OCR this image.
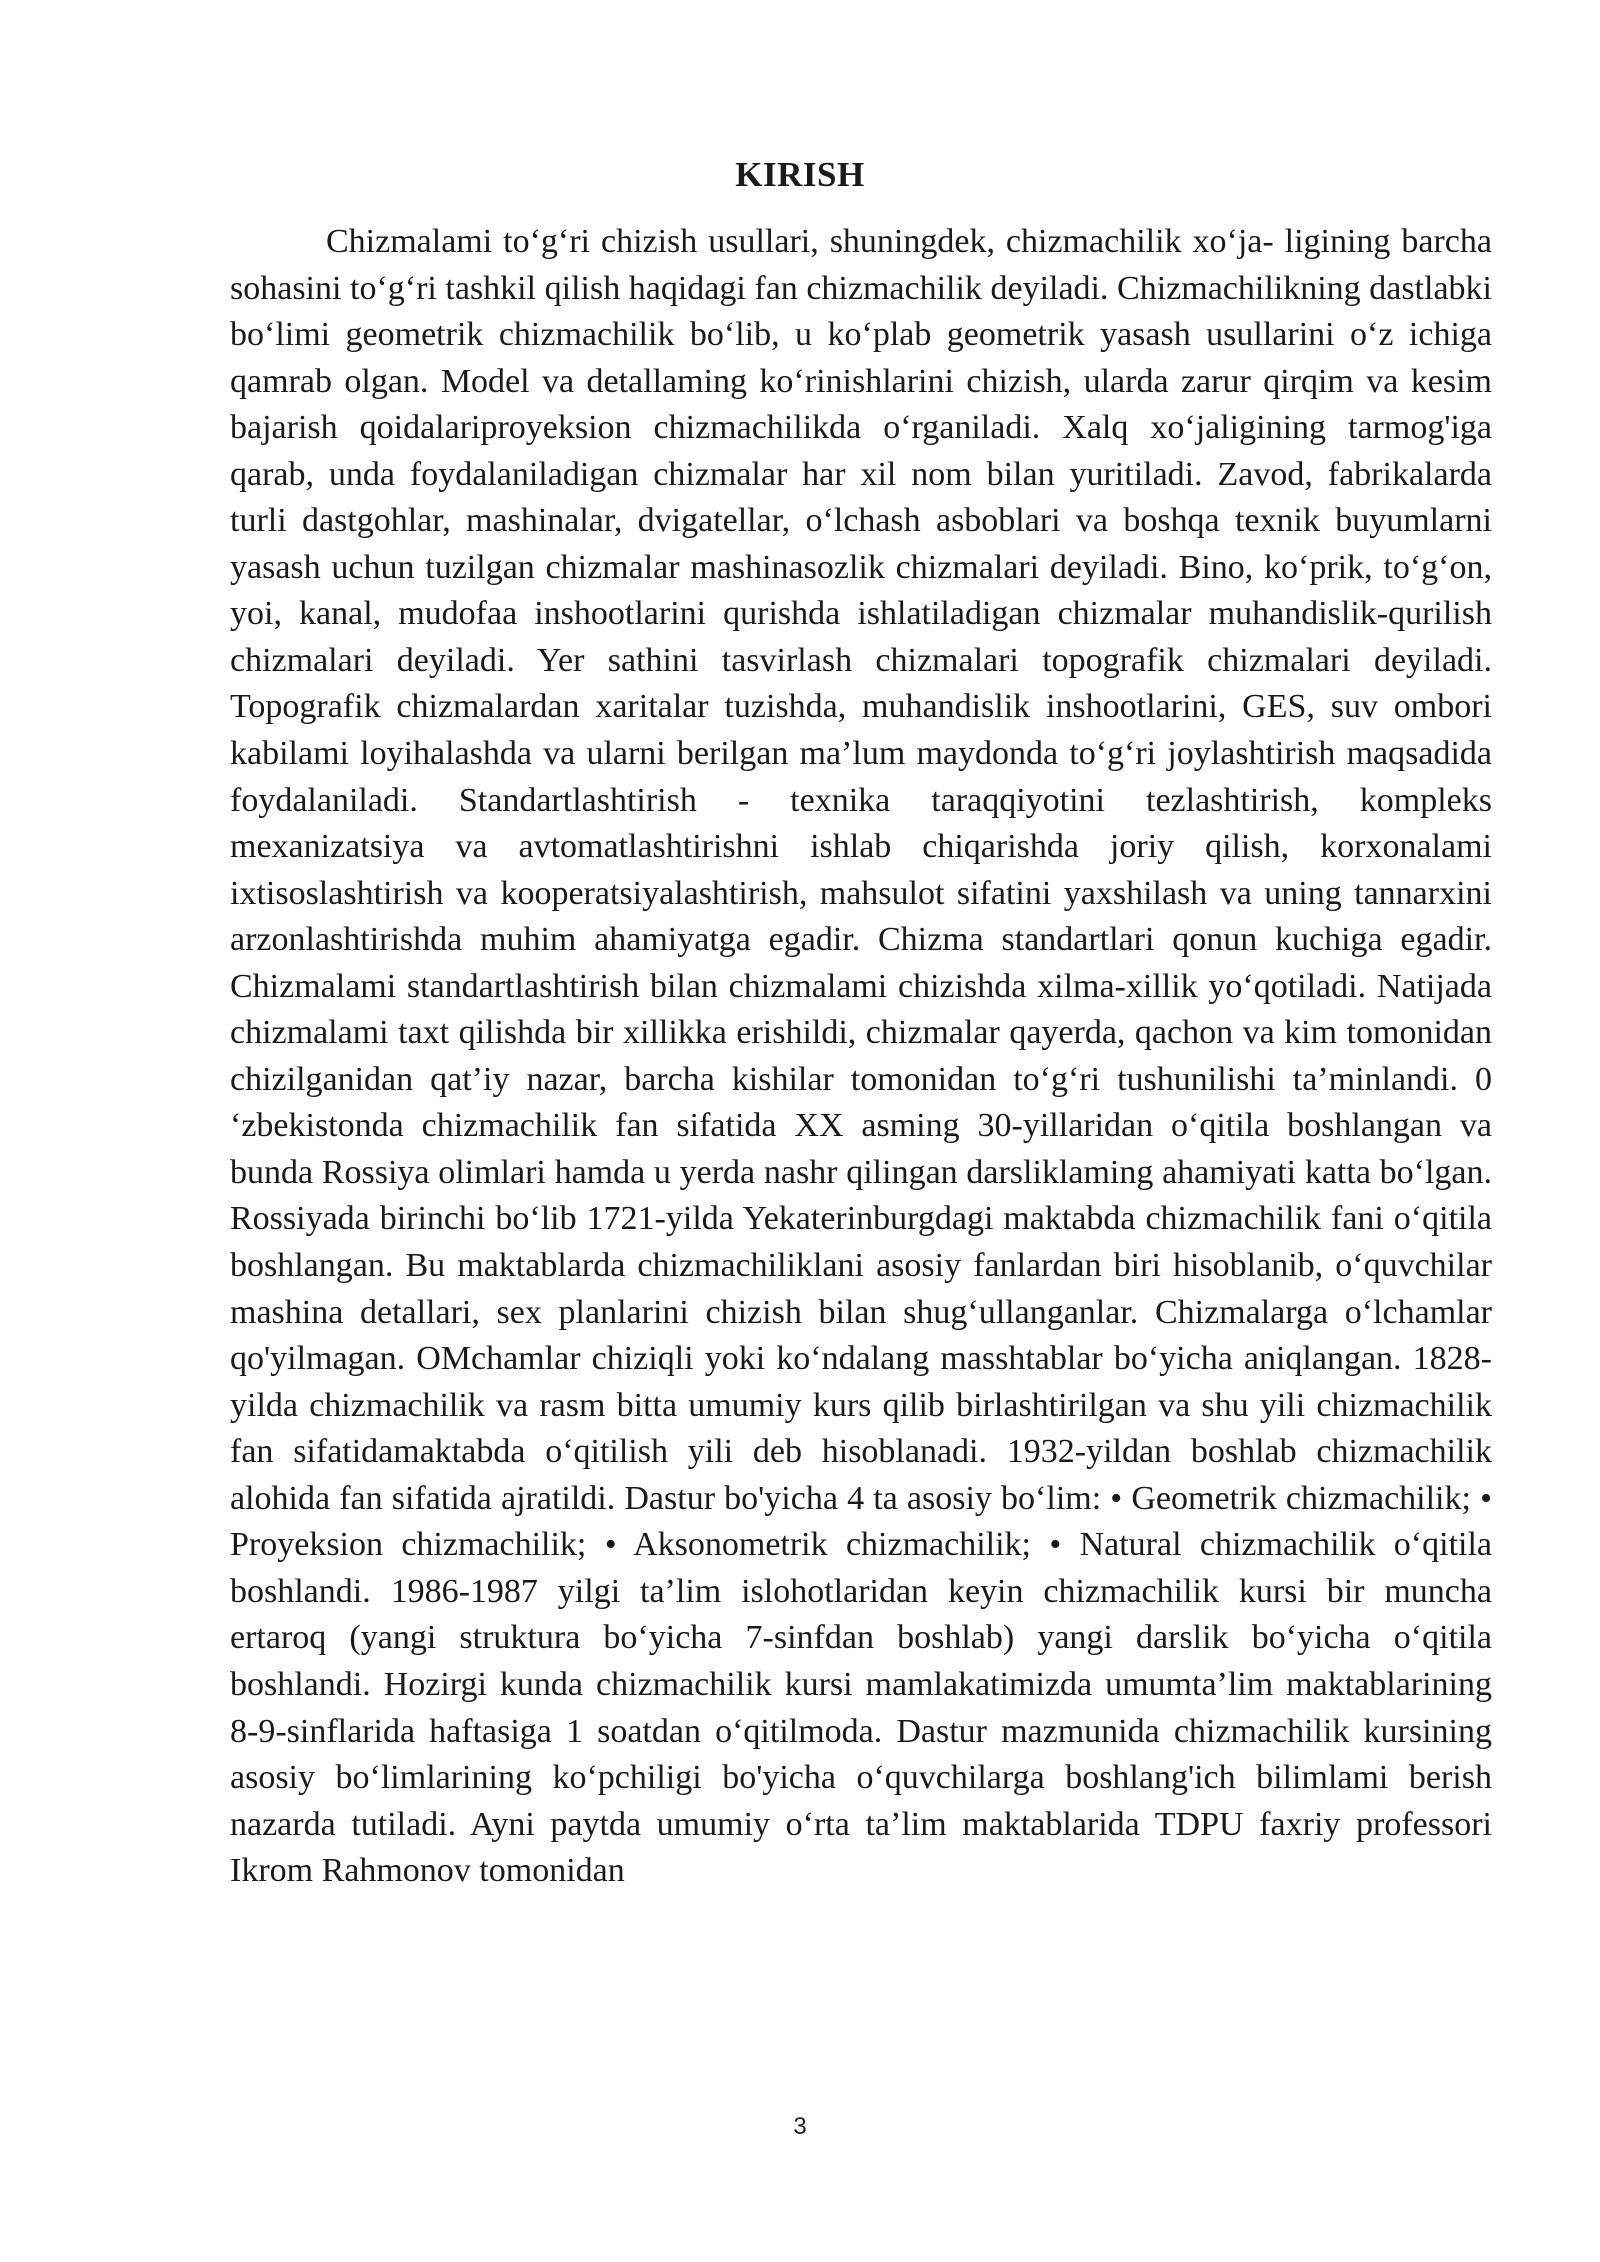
KIRISH

Chizmalami to‘g‘ri chizish usullari, shuningdek, chizmachilik xo‘ja- ligining barcha sohasini to‘g‘ri tashkil qilish haqidagi fan chizmachilik deyiladi. Chizmachilikning dastlabki bo‘limi geometrik chizmachilik bo‘lib, u ko‘plab geometrik yasash usullarini o‘z ichiga qamrab olgan. Model va detallaming ko‘rinishlarini chizish, ularda zarur qirqim va kesim bajarish qoidalariproyeksion chizmachilikda o‘rganiladi. Xalq xo‘jaligining tarmog'iga qarab, unda foydalaniladigan chizmalar har xil nom bilan yuritiladi. Zavod, fabrikalarda turli dastgohlar, mashinalar, dvigatellar, o‘lchash asboblari va boshqa texnik buyumlarni yasash uchun tuzilgan chizmalar mashinasozlik chizmalari deyiladi. Bino, ko‘prik, to‘g‘on, yoi, kanal, mudofaa inshootlarini qurishda ishlatiladigan chizmalar muhandislik-qurilish chizmalari deyiladi. Yer sathini tasvirlash chizmalari topografik chizmalari deyiladi. Topografik chizmalardan xaritalar tuzishda, muhandislik inshootlarini, GES, suv ombori kabilami loyihalashda va ularni berilgan ma’lum maydonda to‘g‘ri joylashtirish maqsadida foydalaniladi. Standartlashtirish - texnika taraqqiyotini tezlashtirish, kompleks mexanizatsiya va avtomatlashtirishni ishlab chiqarishda joriy qilish, korxonalami ixtisoslashtirish va kooperatsiyalashtirish, mahsulot sifatini yaxshilash va uning tannarxini arzonlashtirishda muhim ahamiyatga egadir. Chizma standartlari qonun kuchiga egadir. Chizmalami standartlashtirish bilan chizmalami chizishda xilma-xillik yo‘qotiladi. Natijada chizmalami taxt qilishda bir xillikka erishildi, chizmalar qayerda, qachon va kim tomonidan chizilganidan qat’iy nazar, barcha kishilar tomonidan to‘g‘ri tushunilishi ta’minlandi. 0 ‘zbekistonda chizmachilik fan sifatida XX asming 30-yillaridan o‘qitila boshlangan va bunda Rossiya olimlari hamda u yerda nashr qilingan darsliklaming ahamiyati katta bo‘lgan. Rossiyada birinchi bo‘lib 1721-yilda Yekaterinburgdagi maktabda chizmachilik fani o‘qitila boshlangan. Bu maktablarda chizmachiliklani asosiy fanlardan biri hisoblanib, o‘quvchilar mashina detallari, sex planlarini chizish bilan shug‘ullanganlar. Chizmalarga o‘lchamlar qo'yilmagan. OMchamlar chiziqli yoki ko‘ndalang masshtablar bo‘yicha aniqlangan. 1828-yilda chizmachilik va rasm bitta umumiy kurs qilib birlashtirilgan va shu yili chizmachilik fan sifatidamaktabda o‘qitilish yili deb hisoblanadi. 1932-yildan boshlab chizmachilik alohida fan sifatida ajratildi. Dastur bo'yicha 4 ta asosiy bo‘lim: • Geometrik chizmachilik; • Proyeksion chizmachilik; • Aksonometrik chizmachilik; • Natural chizmachilik o‘qitila boshlandi. 1986-1987 yilgi ta’lim islohotlaridan keyin chizmachilik kursi bir muncha ertaroq (yangi struktura bo‘yicha 7-sinfdan boshlab) yangi darslik bo‘yicha o‘qitila boshlandi. Hozirgi kunda chizmachilik kursi mamlakatimizda umumta’lim maktablarining 8-9-sinflarida haftasiga 1 soatdan o‘qitilmoda. Dastur mazmunida chizmachilik kursining asosiy bo‘limlarining ko‘pchiligi bo'yicha o‘quvchilarga boshlang'ich bilimlami berish nazarda tutiladi. Ayni paytda umumiy o‘rta ta’lim maktablarida TDPU faxriy professori Ikrom Rahmonov tomonidan

3
